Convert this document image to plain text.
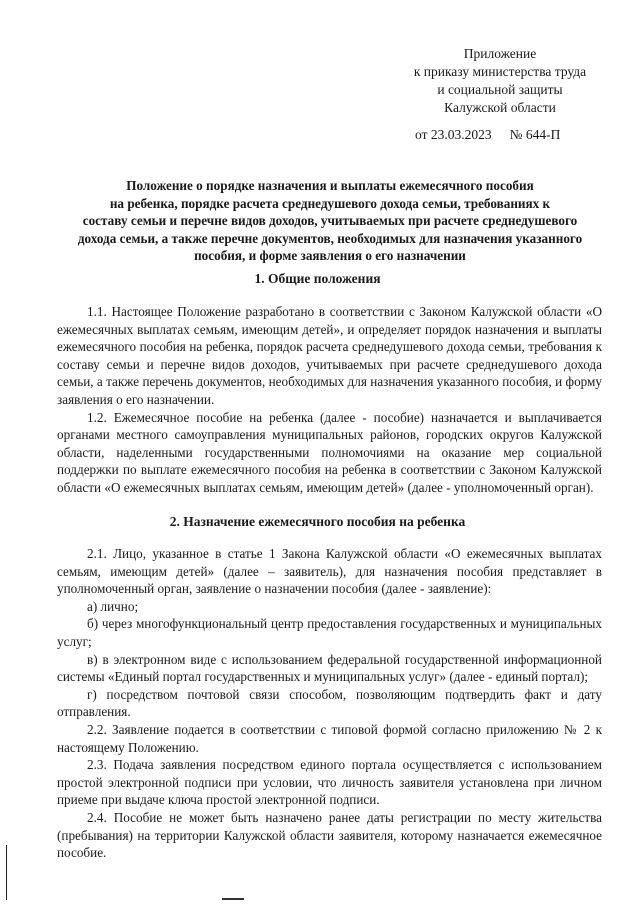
Приложение
к приказу министерства труда
и социальной защиты
Калужской области
от 23.03.2023 № 644-П
Положение о порядке назначения и выплаты ежемесячного пособия
на ребенка, порядке расчета среднедушевого дохода семьи, требованиях к
составу семьи и перечне видов доходов, учитываемых при расчете среднедушевого
дохода семьи, а также перечне документов, необходимых для назначения указанного
пособия, и форме заявления о его назначении
1. Общие положения

1.1. Настоящее Положение разработано в соответствии с Законом Калужской области «О ежемесячных выплатах семьям, имеющим детей», и определяет порядок назначения и выплаты ежемесячного пособия на ребенка, порядок расчета среднедушевого дохода семьи, требования к составу семьи и перечне видов доходов, учитываемых при расчете среднедушевого дохода семьи, а также перечень документов, необходимых для назначения указанного пособия, и форму заявления о его назначении.

1.2. Ежемесячное пособие на ребенка (далее - пособие) назначается и выплачивается органами местного самоуправления муниципальных районов, городских округов Калужской области, наделенными государственными полномочиями на оказание мер социальной поддержки по выплате ежемесячного пособия на ребенка в соответствии с Законом Калужской области «О ежемесячных выплатах семьям, имеющим детей» (далее - уполномоченный орган).

2. Назначение ежемесячного пособия на ребенка

2.1. Лицо, указанное в статье 1 Закона Калужской области «О ежемесячных выплатах семьям, имеющим детей» (далее – заявитель), для назначения пособия представляет в уполномоченный орган, заявление о назначении пособия (далее - заявление):

а) лично;

б) через многофункциональный центр предоставления государственных и муниципальных услуг;

в) в электронном виде с использованием федеральной государственной информационной системы «Единый портал государственных и муниципальных услуг» (далее - единый портал);

г) посредством почтовой связи способом, позволяющим подтвердить факт и дату отправления.

2.2. Заявление подается в соответствии с типовой формой согласно приложению № 2 к настоящему Положению.

2.3. Подача заявления посредством единого портала осуществляется с использованием простой электронной подписи при условии, что личность заявителя установлена при личном приеме при выдаче ключа простой электронной подписи.

2.4. Пособие не может быть назначено ранее даты регистрации по месту жительства (пребывания) на территории Калужской области заявителя, которому назначается ежемесячное пособие.
